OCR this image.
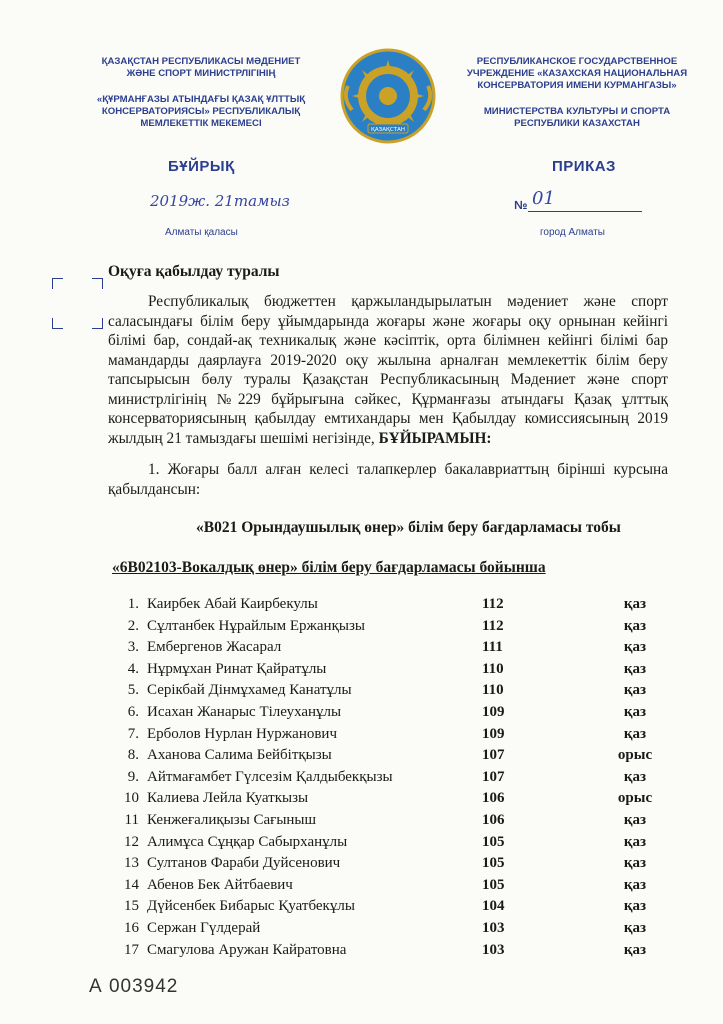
ҚАЗАҚСТАН РЕСПУБЛИКАСЫ МӘДЕНИЕТ
ЖӘНЕ СПОРТ МИНИСТРЛІГІНІҢ
«ҚҰРМАНҒАЗЫ АТЫНДАҒЫ ҚАЗАҚ ҰЛТТЫҚ
КОНСЕРВАТОРИЯСЫ» РЕСПУБЛИКАЛЫҚ
МЕМЛЕКЕТТІК МЕКЕМЕСІ
ҚАЗАҚСТАН
РЕСПУБЛИКАНСКОЕ ГОСУДАРСТВЕННОЕ
УЧРЕЖДЕНИЕ «КАЗАХСКАЯ НАЦИОНАЛЬНАЯ
КОНСЕРВАТОРИЯ ИМЕНИ КУРМАНГАЗЫ»
МИНИСТЕРСТВА КУЛЬТУРЫ И СПОРТА
РЕСПУБЛИКИ КАЗАХСТАН
БҰЙРЫҚ	ПРИКАЗ
2019ж. 21тамыз	№ 01
Алматы қаласы	город Алматы
Оқуға қабылдау туралы
Республикалық бюджеттен қаржыландырылатын мәдениет және спорт саласындағы білім беру ұйымдарында жоғары және жоғары оқу орнынан кейінгі білімі бар, сондай-ақ техникалық және кәсіптік, орта білімнен кейінгі білімі бар мамандарды даярлауға 2019-2020 оқу жылына арналған мемлекеттік білім беру тапсырысын бөлу туралы Қазақстан Республикасының Мәдениет және спорт министрлігінің №229 бұйрығына сәйкес, Құрманғазы атындағы Қазақ ұлттық консерваториясының қабылдау емтихандары мен Қабылдау комиссиясының 2019 жылдың 21 тамыздағы шешімі негізінде, БҰЙЫРАМЫН:
1. Жоғары балл алған келесі талапкерлер бакалавриаттың бірінші курсына қабылдансын:
«В021 Орындаушылық өнер» білім беру бағдарламасы тобы
«6В02103-Вокалдық өнер» білім беру бағдарламасы бойынша
1. Каирбек Абай Каирбекулы	112	қаз
2. Сұлтанбек Нұрайлым Ержанқызы	112	қаз
3. Ембергенов Жасарал	111	қаз
4. Нұрмұхан Ринат Қайратұлы	110	қаз
5. Серікбай Дінмұхамед Канатұлы	110	қаз
6. Исахан Жанарыс Тілеуханұлы	109	қаз
7. Ерболов Нурлан Нуржанович	109	қаз
8. Аханова Салима Бейбітқызы	107	орыс
9. Айтмағамбет Гүлсезім Қалдыбекқызы	107	қаз
10 Калиева Лейла Куаткызы	106	орыс
11 Кенжеғалиқызы Сағыныш	106	қаз
12 Алимұса Сұңқар Сабырханұлы	105	қаз
13 Султанов Фараби Дуйсенович	105	қаз
14 Абенов Бек Айтбаевич	105	қаз
15 Дүйсенбек Бибарыс Қуатбекұлы	104	қаз
16 Сержан Гүлдерай	103	қаз
17 Смагулова Аружан Кайратовна	103	қаз
А 003942
